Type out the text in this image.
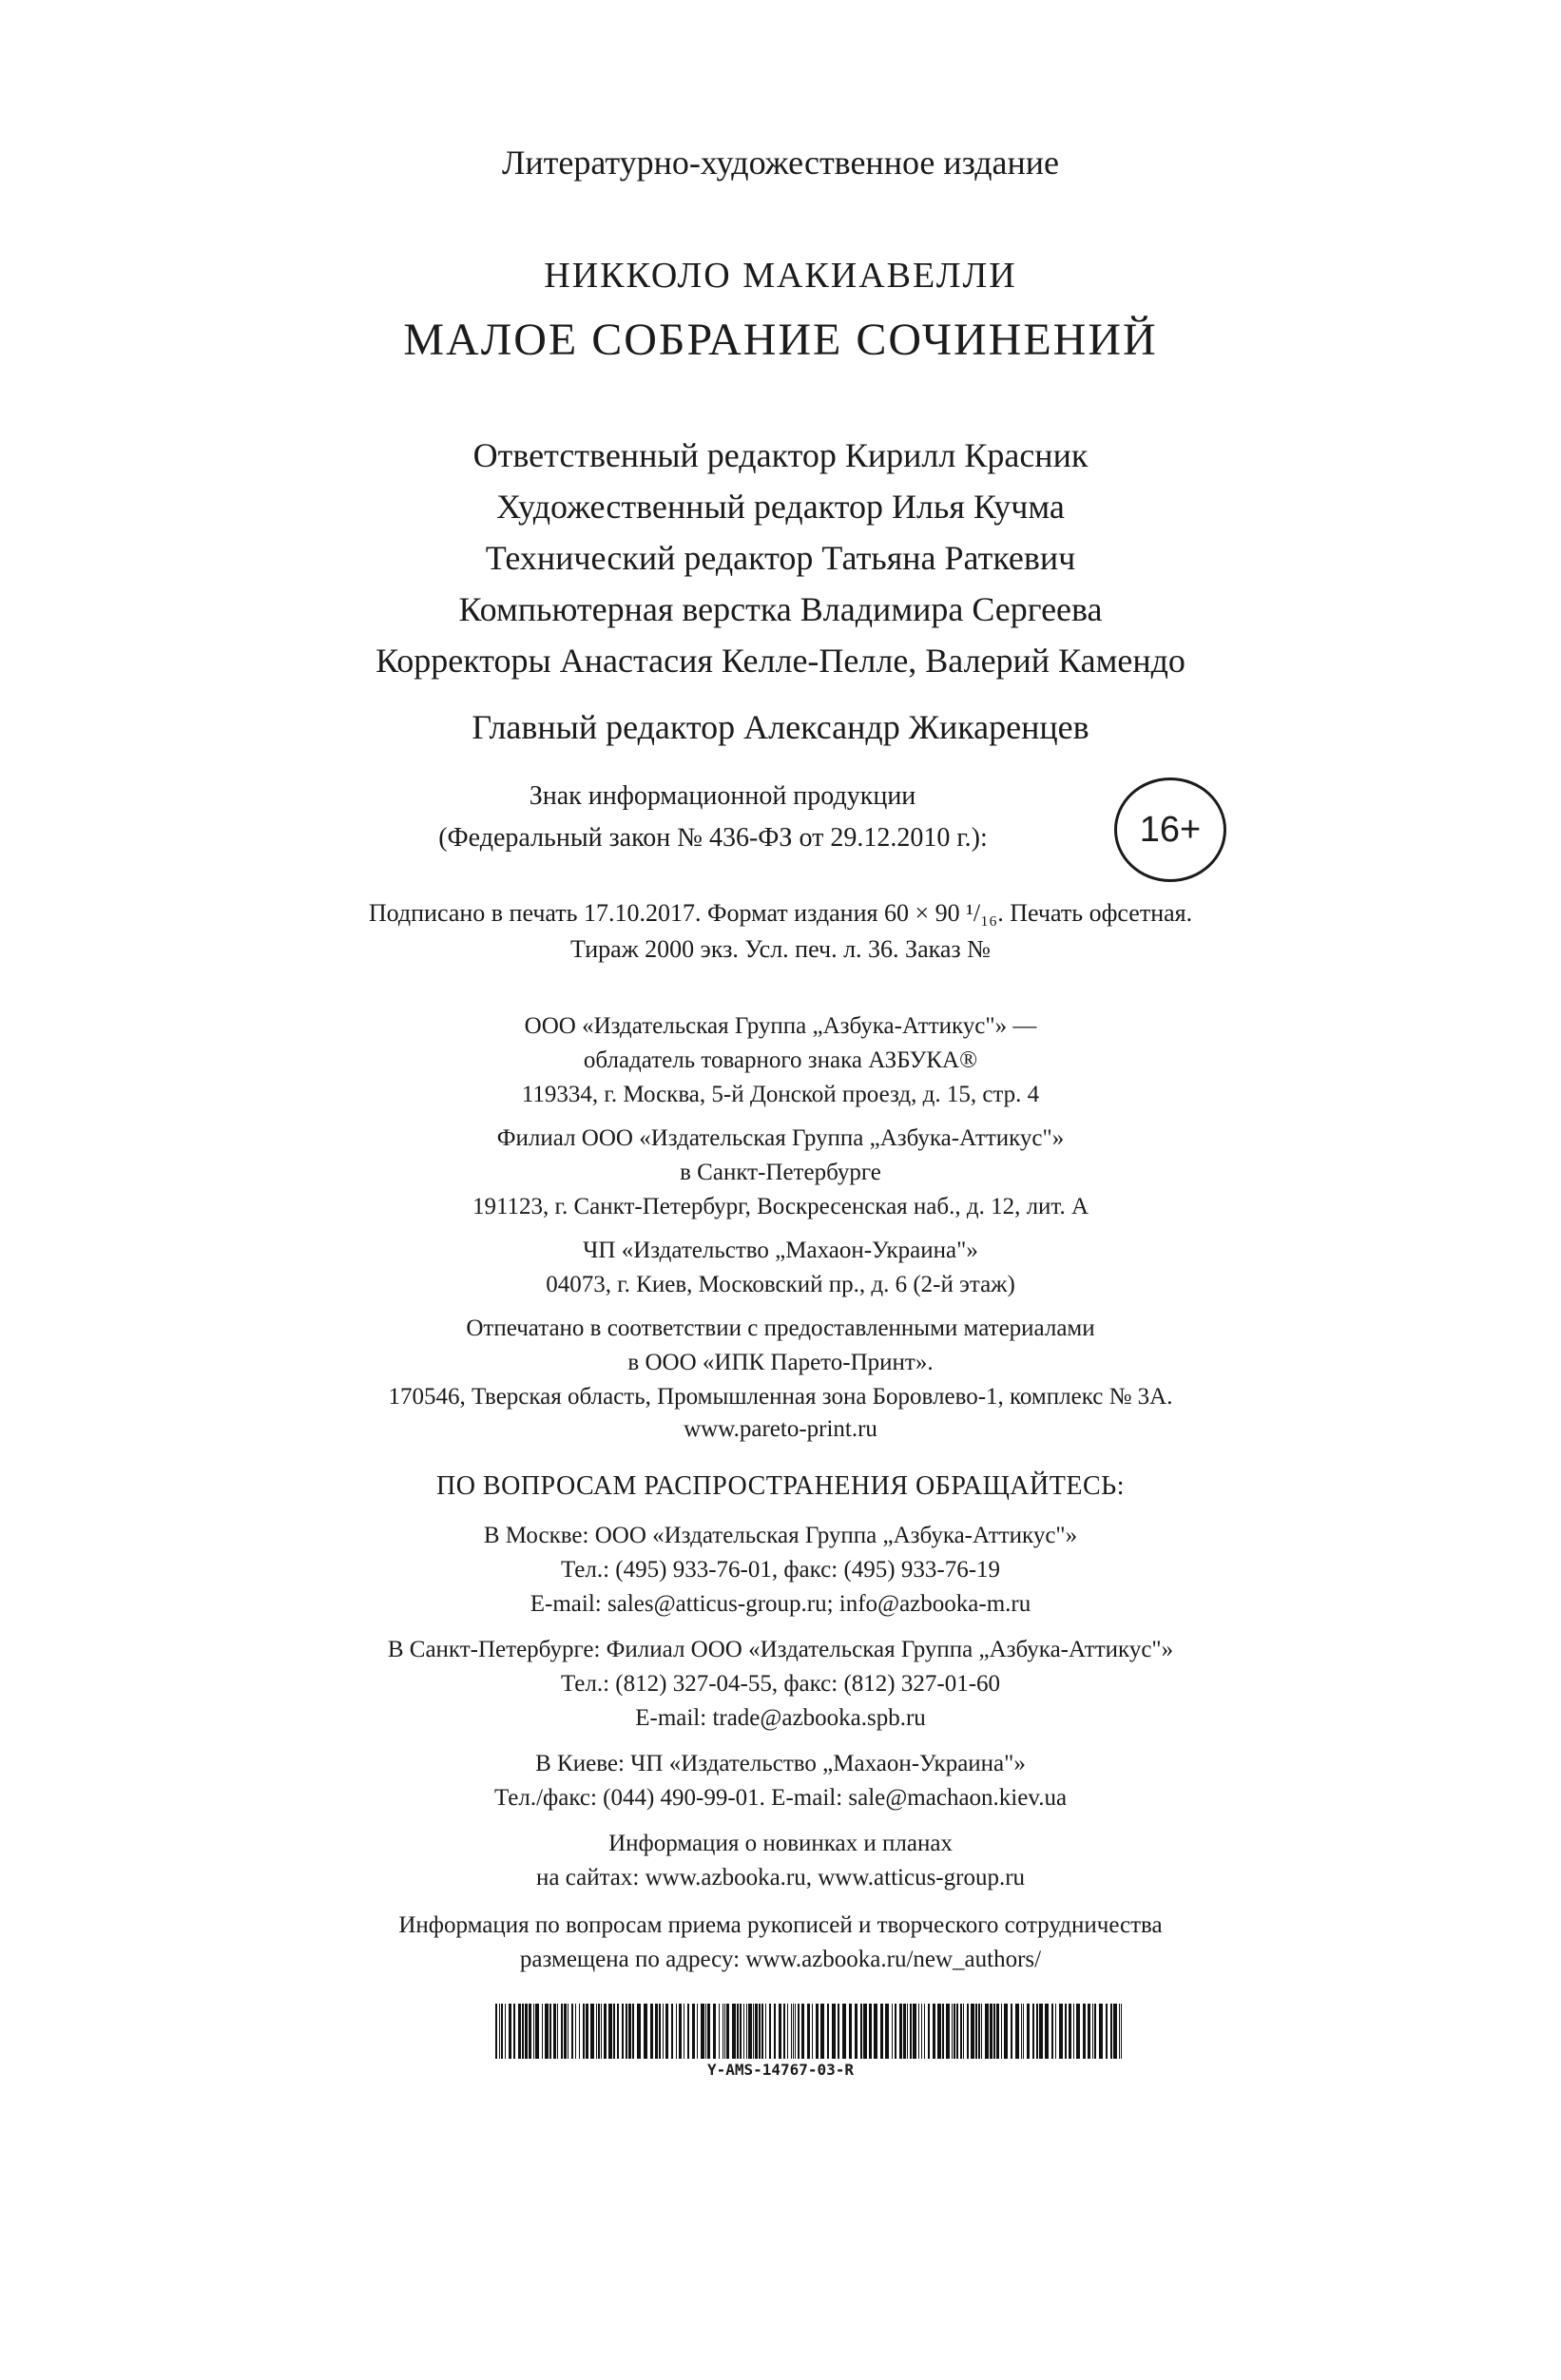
Литературно-художественное издание
НИККОЛО МАКИАВЕЛЛИ
МАЛОЕ СОБРАНИЕ СОЧИНЕНИЙ
Ответственный редактор Кирилл Красник
Художественный редактор Илья Кучма
Технический редактор Татьяна Раткевич
Компьютерная верстка Владимира Сергеева
Корректоры Анастасия Келле-Пелле, Валерий Камендо
Главный редактор Александр Жикаренцев
Знак информационной продукции
(Федеральный закон № 436-ФЗ от 29.12.2010 г.):	16+
Подписано в печать 17.10.2017. Формат издания 60 × 90 ¹/₁₆. Печать офсетная.
Тираж 2000 экз. Усл. печ. л. 36. Заказ №
ООО «Издательская Группа „Азбука-Аттикус"» —
обладатель товарного знака АЗБУКА®
119334, г. Москва, 5-й Донской проезд, д. 15, стр. 4
Филиал ООО «Издательская Группа „Азбука-Аттикус"»
в Санкт-Петербурге
191123, г. Санкт-Петербург, Воскресенская наб., д. 12, лит. А
ЧП «Издательство „Махаон-Украина"»
04073, г. Киев, Московский пр., д. 6 (2-й этаж)
Отпечатано в соответствии с предоставленными материалами
в ООО «ИПК Парето-Принт».
170546, Тверская область, Промышленная зона Боровлево-1, комплекс № 3А.
www.pareto-print.ru
ПО ВОПРОСАМ РАСПРОСТРАНЕНИЯ ОБРАЩАЙТЕСЬ:
В Москве: ООО «Издательская Группа „Азбука-Аттикус"»
Тел.: (495) 933-76-01, факс: (495) 933-76-19
E-mail: sales@atticus-group.ru; info@azbooka-m.ru
В Санкт-Петербурге: Филиал ООО «Издательская Группа „Азбука-Аттикус"»
Тел.: (812) 327-04-55, факс: (812) 327-01-60
E-mail: trade@azbooka.spb.ru
В Киеве: ЧП «Издательство „Махаон-Украина"»
Тел./факс: (044) 490-99-01. E-mail: sale@machaon.kiev.ua
Информация о новинках и планах
на сайтах: www.azbooka.ru, www.atticus-group.ru
Информация по вопросам приема рукописей и творческого сотрудничества
размещена по адресу: www.azbooka.ru/new_authors/
Y-AMS-14767-03-R
